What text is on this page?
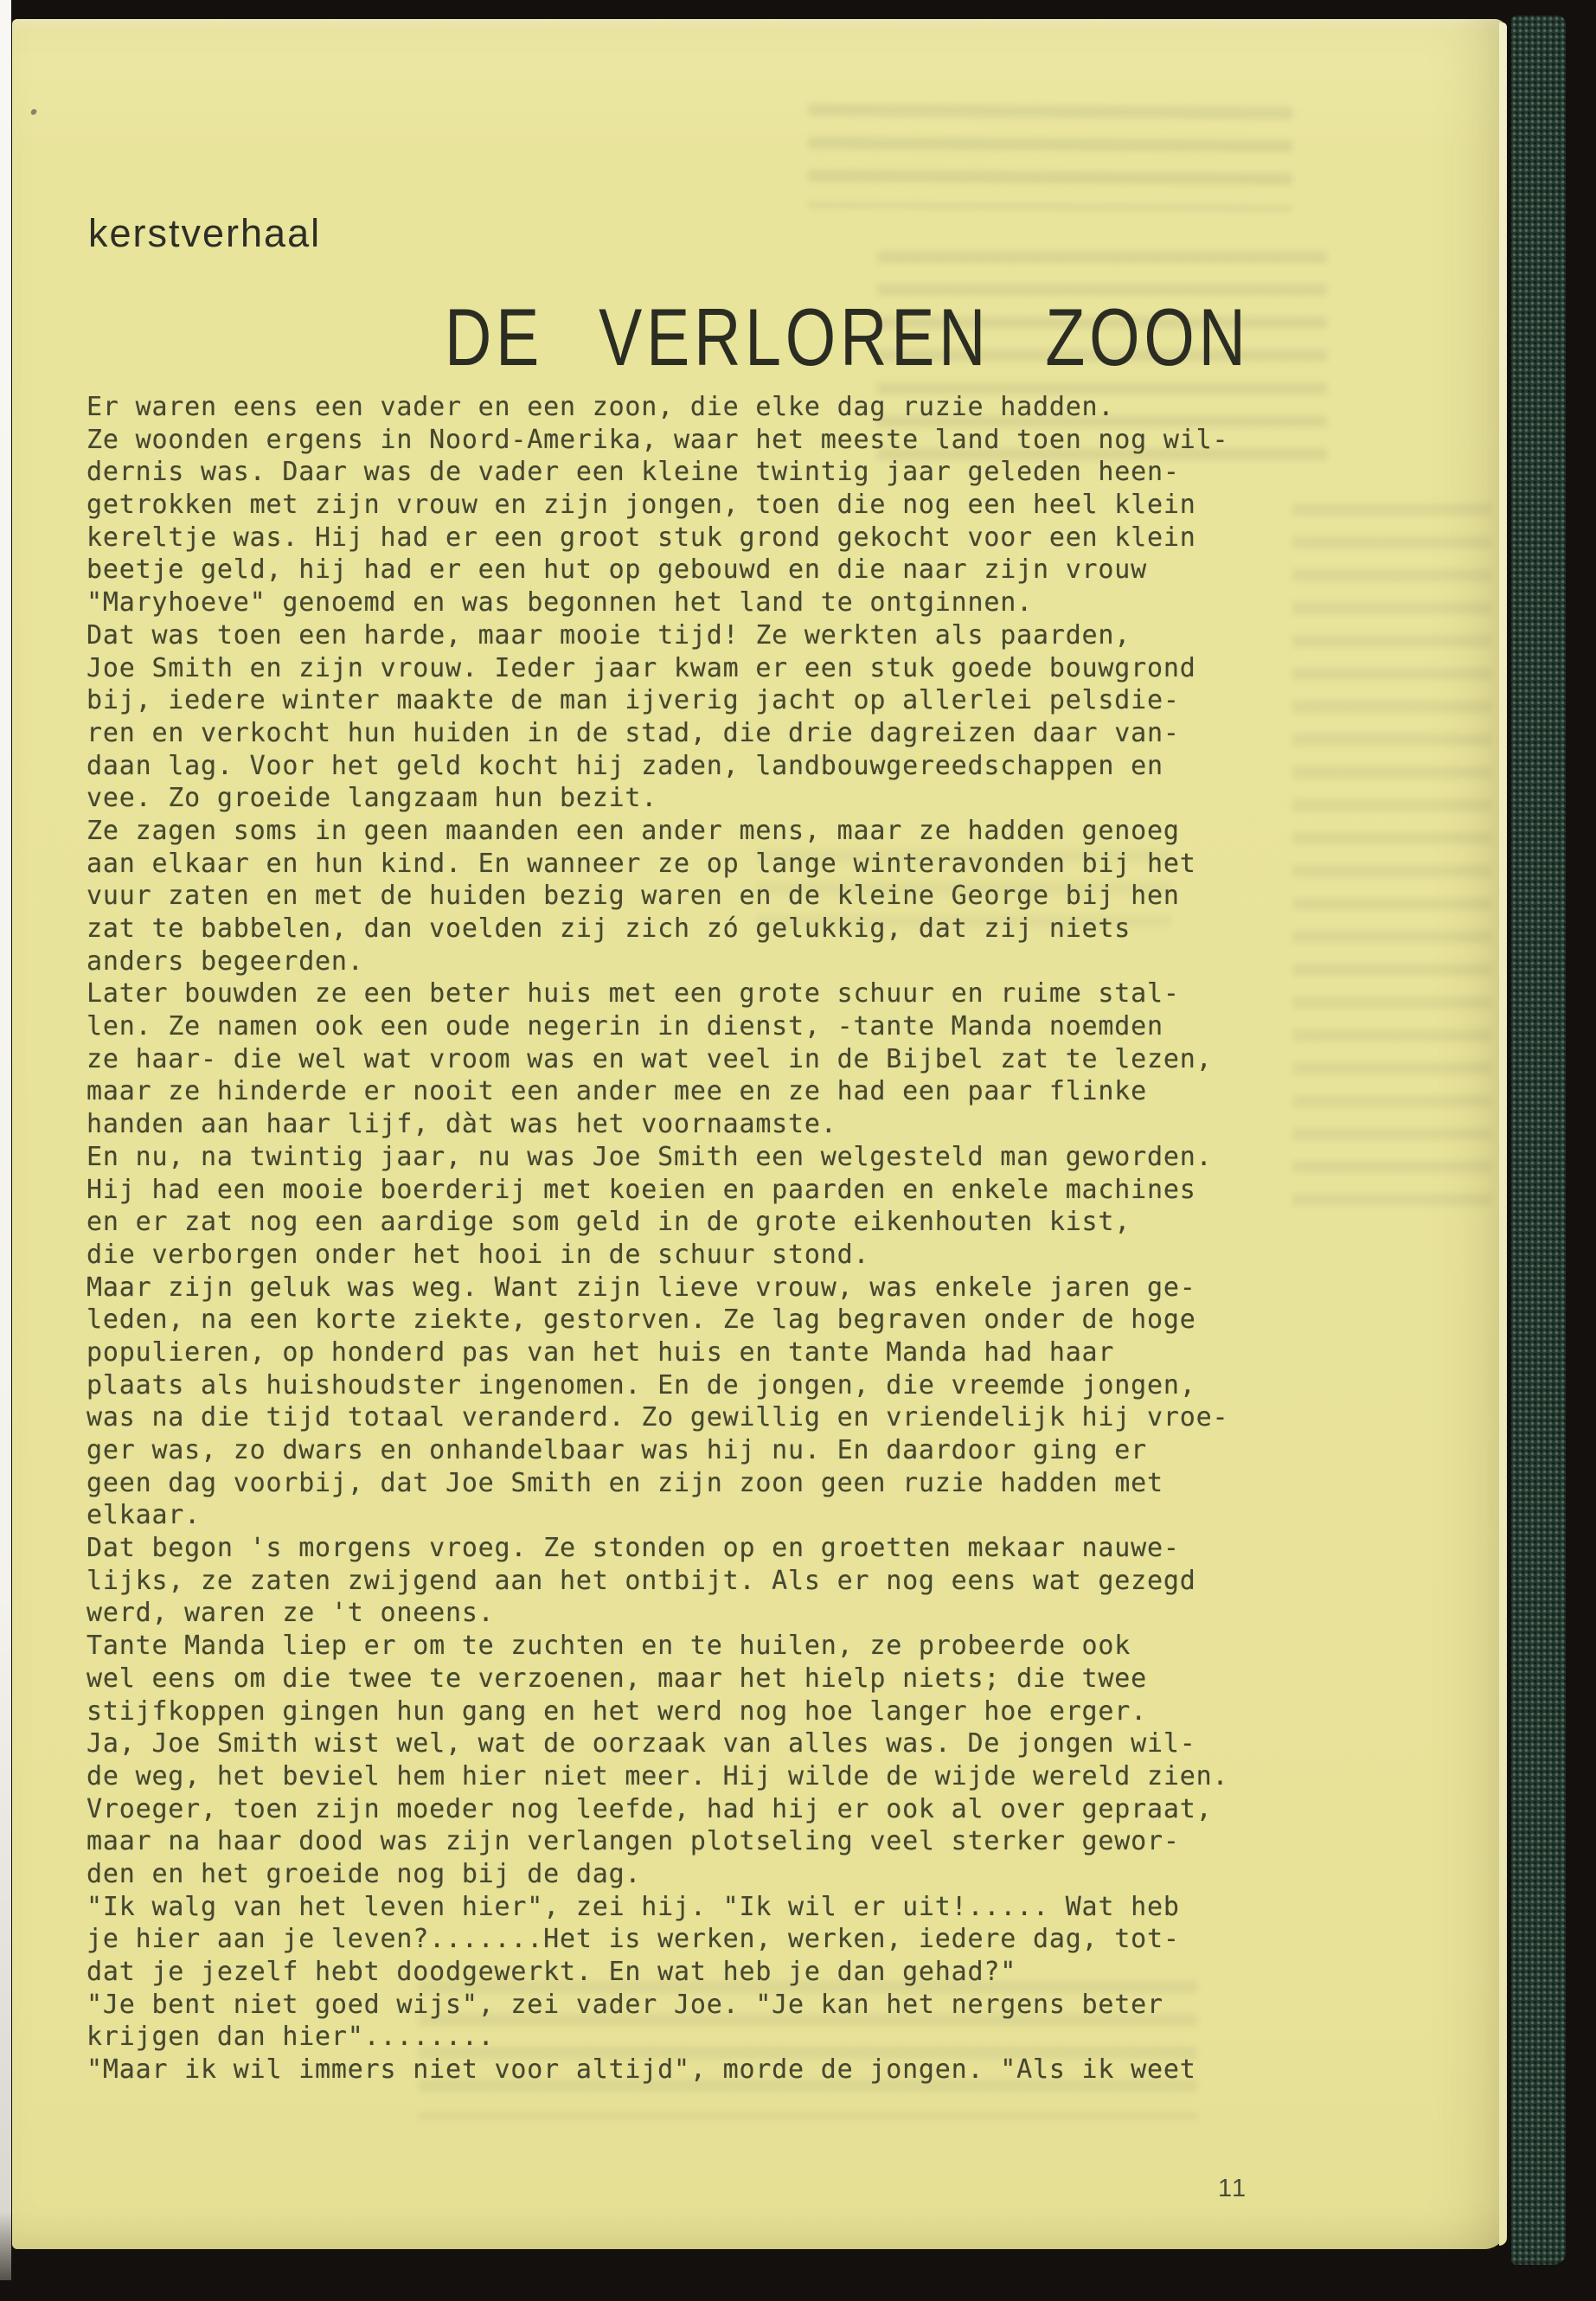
kerstverhaal
DE VERLOREN ZOON
Er waren eens een vader en een zoon, die elke dag ruzie hadden.
Ze woonden ergens in Noord-Amerika, waar het meeste land toen nog wil-
dernis was. Daar was de vader een kleine twintig jaar geleden heen-
getrokken met zijn vrouw en zijn jongen, toen die nog een heel klein
kereltje was. Hij had er een groot stuk grond gekocht voor een klein
beetje geld, hij had er een hut op gebouwd en die naar zijn vrouw
"Maryhoeve" genoemd en was begonnen het land te ontginnen.
Dat was toen een harde, maar mooie tijd! Ze werkten als paarden,
Joe Smith en zijn vrouw. Ieder jaar kwam er een stuk goede bouwgrond
bij, iedere winter maakte de man ijverig jacht op allerlei pelsdie-
ren en verkocht hun huiden in de stad, die drie dagreizen daar van-
daan lag. Voor het geld kocht hij zaden, landbouwgereedschappen en
vee. Zo groeide langzaam hun bezit.
Ze zagen soms in geen maanden een ander mens, maar ze hadden genoeg
aan elkaar en hun kind. En wanneer ze op lange winteravonden bij het
vuur zaten en met de huiden bezig waren en de kleine George bij hen
zat te babbelen, dan voelden zij zich zó gelukkig, dat zij niets
anders begeerden.
Later bouwden ze een beter huis met een grote schuur en ruime stal-
len. Ze namen ook een oude negerin in dienst, -tante Manda noemden
ze haar- die wel wat vroom was en wat veel in de Bijbel zat te lezen,
maar ze hinderde er nooit een ander mee en ze had een paar flinke
handen aan haar lijf, dàt was het voornaamste.
En nu, na twintig jaar, nu was Joe Smith een welgesteld man geworden.
Hij had een mooie boerderij met koeien en paarden en enkele machines
en er zat nog een aardige som geld in de grote eikenhouten kist,
die verborgen onder het hooi in de schuur stond.
Maar zijn geluk was weg. Want zijn lieve vrouw, was enkele jaren ge-
leden, na een korte ziekte, gestorven. Ze lag begraven onder de hoge
populieren, op honderd pas van het huis en tante Manda had haar
plaats als huishoudster ingenomen. En de jongen, die vreemde jongen,
was na die tijd totaal veranderd. Zo gewillig en vriendelijk hij vroe-
ger was, zo dwars en onhandelbaar was hij nu. En daardoor ging er
geen dag voorbij, dat Joe Smith en zijn zoon geen ruzie hadden met
elkaar.
Dat begon 's morgens vroeg. Ze stonden op en groetten mekaar nauwe-
lijks, ze zaten zwijgend aan het ontbijt. Als er nog eens wat gezegd
werd, waren ze 't oneens.
Tante Manda liep er om te zuchten en te huilen, ze probeerde ook
wel eens om die twee te verzoenen, maar het hielp niets; die twee
stijfkoppen gingen hun gang en het werd nog hoe langer hoe erger.
Ja, Joe Smith wist wel, wat de oorzaak van alles was. De jongen wil-
de weg, het beviel hem hier niet meer. Hij wilde de wijde wereld zien.
Vroeger, toen zijn moeder nog leefde, had hij er ook al over gepraat,
maar na haar dood was zijn verlangen plotseling veel sterker gewor-
den en het groeide nog bij de dag.
"Ik walg van het leven hier", zei hij. "Ik wil er uit!..... Wat heb
je hier aan je leven?.......Het is werken, werken, iedere dag, tot-
dat je jezelf hebt doodgewerkt. En wat heb je dan gehad?"
"Je bent niet goed wijs", zei vader Joe. "Je kan het nergens beter
krijgen dan hier"........
"Maar ik wil immers niet voor altijd", morde de jongen. "Als ik weet
11
